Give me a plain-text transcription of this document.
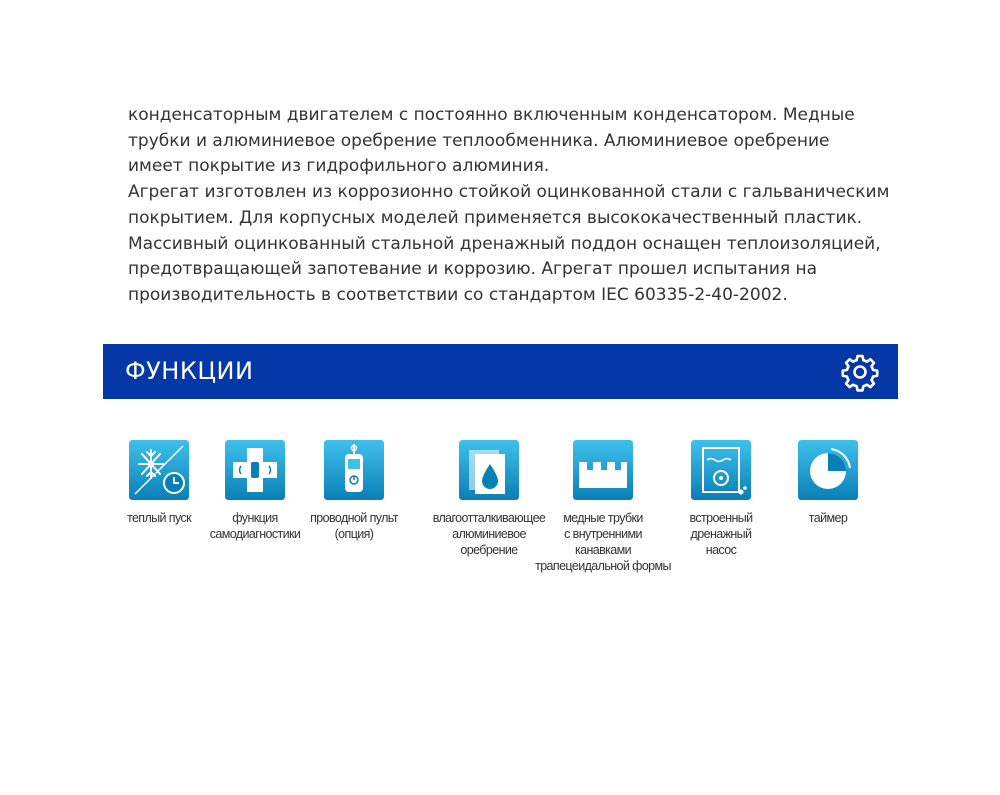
конденсаторным двигателем с постоянно включенным конденсатором. Медные
трубки и алюминиевое оребрение теплообменника. Алюминиевое оребрение
имеет покрытие из гидрофильного алюминия.
Агрегат изготовлен из коррозионно стойкой оцинкованной стали с гальваническим
покрытием. Для корпусных моделей применяется высококачественный пластик.
Массивный оцинкованный стальной дренажный поддон оснащен теплоизоляцией,
предотвращающей запотевание и коррозию. Агрегат прошел испытания на
производительность в соответствии со стандартом IEC 60335-2-40-2002.
ФУНКЦИИ
теплый пуск	функция
самодиагностики
проводной пульт
(опция)
влагоотталкивающее
алюминиевое
оребрение
медные трубки
с внутренними
канавками
трапецеидальной формы
встроенный
дренажный
насос
таймер
